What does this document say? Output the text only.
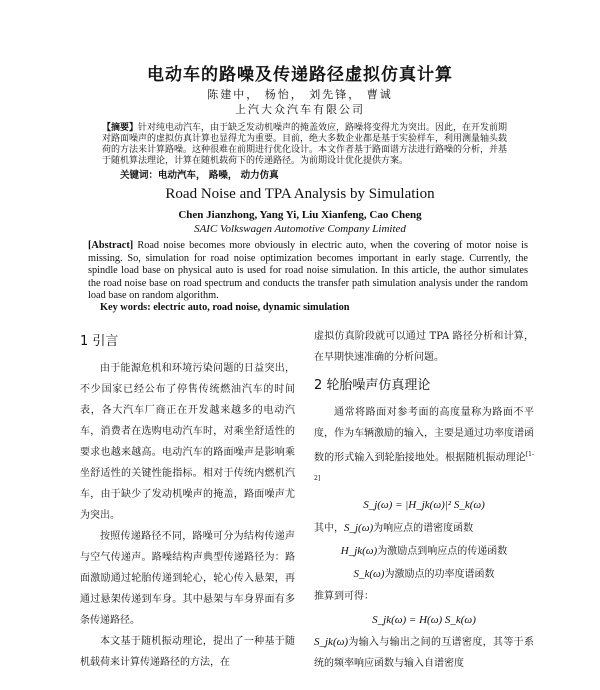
电动车的路噪及传递路径虚拟仿真计算
陈建中， 杨怡， 刘先锋， 曹诚
上汽大众汽车有限公司
【摘要】针对纯电动汽车，由于缺乏发动机噪声的掩盖效应，路噪将变得尤为突出。因此，在开发前期对路面噪声的虚拟仿真计算也显得尤为重要。目前，绝大多数企业都是基于实验样车，利用测量轴头载荷的方法来计算路噪。这种很难在前期进行优化设计。本文作者基于路面谱方法进行路噪的分析，并基于随机算法理论，计算在随机载荷下的传递路径。为前期设计优化提供方案。
关键词：电动汽车， 路噪， 动力仿真
Road Noise and TPA Analysis by Simulation
Chen Jianzhong, Yang Yi, Liu Xianfeng, Cao Cheng
SAIC Volkswagen Automotive Company Limited
[Abstract] Road noise becomes more obviously in electric auto, when the covering of motor noise is missing. So, simulation for road noise optimization becomes important in early stage. Currently, the spindle load base on physical auto is used for road noise simulation. In this article, the author simulates the road noise base on road spectrum and conducts the transfer path simulation analysis under the random load base on random algorithm.
Key words: electric auto, road noise, dynamic simulation
1 引言

由于能源危机和环境污染问题的日益突出，不少国家已经公布了停售传统燃油汽车的时间表，各大汽车厂商正在开发越来越多的电动汽车，消费者在选购电动汽车时，对乘坐舒适性的要求也越来越高。电动汽车的路面噪声是影响乘坐舒适性的关键性能指标。相对于传统内燃机汽车，由于缺少了发动机噪声的掩盖，路面噪声尤为突出。

按照传递路径不同，路噪可分为结构传递声与空气传递声。路噪结构声典型传递路径为：路面激励通过轮胎传递到轮心，轮心传入悬架，再通过悬架传递到车身。其中悬架与车身界面有多条传递路径。

本文基于随机振动理论，提出了一种基于随机载荷来计算传递路径的方法，在

虚拟仿真阶段就可以通过 TPA 路径分析和计算，在早期快速准确的分析问题。

2 轮胎噪声仿真理论

通常将路面对参考面的高度量称为路面不平度，作为车辆激励的输入，主要是通过功率度谱函数的形式输入到轮胎接地处。根据随机振动理论[1-2]

S_j(ω) = |H_jk(ω)|² S_k(ω)
其中，S_j(ω)为响应点的谱密度函数
H_jk(ω)为激励点到响应点的传递函数
S_k(ω)为激励点的功率度谱函数
推算到可得：
S_jk(ω) = H(ω) S_k(ω)

S_jk(ω)为输入与输出之间的互谱密度，其等于系统的频率响应函数与输入自谱密度
